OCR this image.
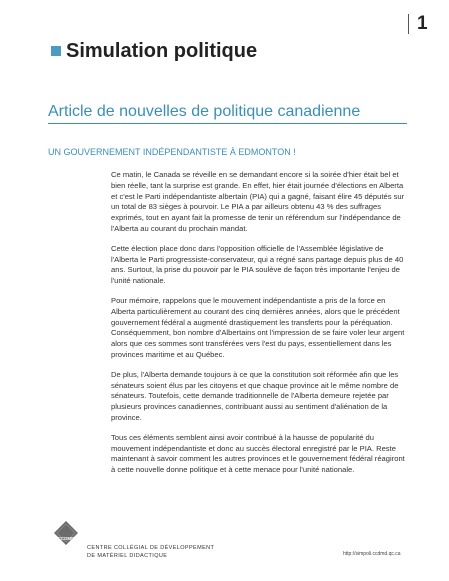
1
Simulation politique
Article de nouvelles de politique canadienne
UN GOUVERNEMENT INDÉPENDANTISTE À EDMONTON !

Ce matin, le Canada se réveille en se demandant encore si la soirée d'hier était bel et bien réelle, tant la surprise est grande. En effet, hier était journée d'élections en Alberta et c'est le Parti indépendantiste albertain (PIA) qui a gagné, faisant élire 45 députés sur un total de 83 sièges à pourvoir. Le PIA a par ailleurs obtenu 43 % des suffrages exprimés, tout en ayant fait la promesse de tenir un référendum sur l'indépendance de l'Alberta au courant du prochain mandat.

Cette élection place donc dans l'opposition officielle de l'Assemblée législative de l'Alberta le Parti progressiste-conservateur, qui a régné sans partage depuis plus de 40 ans. Surtout, la prise du pouvoir par le PIA soulève de façon très importante l'enjeu de l'unité nationale.

Pour mémoire, rappelons que le mouvement indépendantiste a pris de la force en Alberta particulièrement au courant des cinq dernières années, alors que le précédent gouvernement fédéral a augmenté drastiquement les transferts pour la péréquation. Conséquemment, bon nombre d'Albertains ont l'impression de se faire voler leur argent alors que ces sommes sont transférées vers l'est du pays, essentiellement dans les provinces maritime et au Québec.

De plus, l'Alberta demande toujours à ce que la constitution soit réformée afin que les sénateurs soient élus par les citoyens et que chaque province ait le même nombre de sénateurs. Toutefois, cette demande traditionnelle de l'Alberta demeure rejetée par plusieurs provinces canadiennes, contribuant aussi au sentiment d'aliénation de la province.

Tous ces éléments semblent ainsi avoir contribué à la hausse de popularité du mouvement indépendantiste et donc au succès électoral enregistré par le PIA. Reste maintenant à savoir comment les autres provinces et le gouvernement fédéral réagiront à cette nouvelle donne politique et à cette menace pour l'unité nationale.

CCDMD
CENTRE COLLÉGIAL DE DÉVELOPPEMENT
DE MATÉRIEL DIDACTIQUE	http://simpoli.ccdmd.qc.ca
